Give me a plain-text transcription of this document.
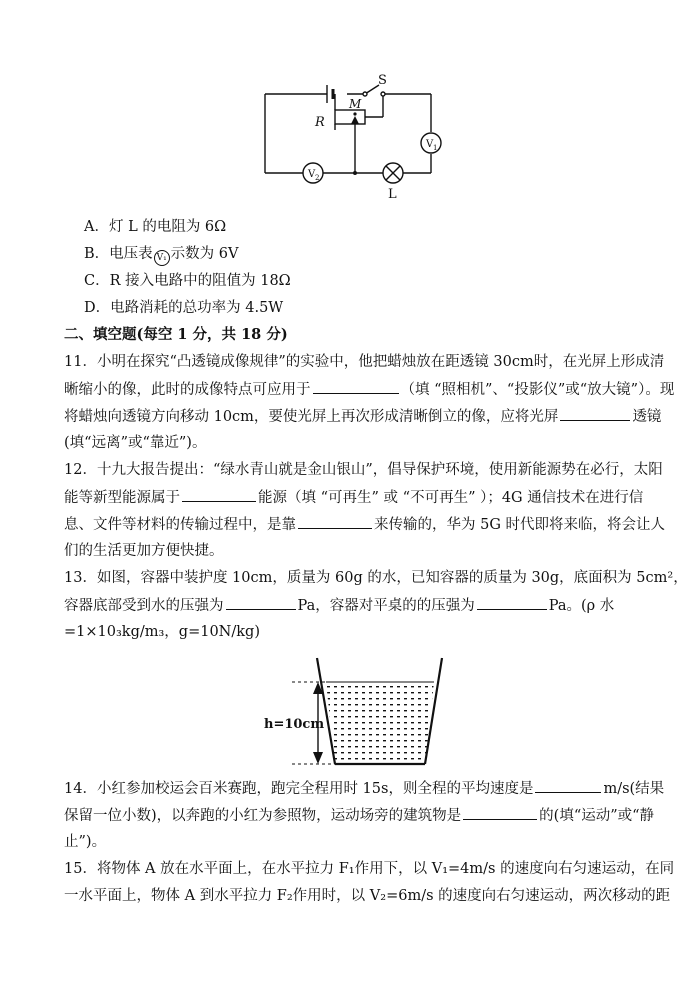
S
M
R
V 1
V 2
L
A．灯 L 的电阻为 6Ω
B．电压表 V₁ 示数为 6V
C．R 接入电路中的阻值为 18Ω
D．电路消耗的总功率为 4.5W
二、填空题(每空 1 分，共 18 分)
11．小明在探究“凸透镜成像规律”的实验中，他把蜡烛放在距透镜 30cm时，在光屏上形成清
晰缩小的像，此时的成像特点可应用于	（填 “照相机”、“投影仪”或“放大镜”）。现
将蜡烛向透镜方向移动 10cm，要使光屏上再次形成清晰倒立的像，应将光屏	透镜
(填“远离”或“靠近”)。
12．十九大报告提出：“绿水青山就是金山银山”，倡导保护环境，使用新能源势在必行，太阳
能等新型能源属于	能源（填 “可再生” 或 “不可再生” ）；4G 通信技术在进行信
息、文件等材料的传输过程中，是靠	来传输的，华为 5G 时代即将来临，将会让人
们的生活更加方便快捷。
13．如图，容器中装护度 10cm，质量为 60g 的水，已知容器的质量为 30g，底面积为 5cm²，
容器底部受到水的压强为	Pa，容器对平桌的的压强为	Pa。(ρ 水
=1×10₃kg/m₃，g=10N/kg)
h=10cm
14．小红参加校运会百米赛跑，跑完全程用时 15s，则全程的平均速度是	m/s(结果
保留一位小数)，以奔跑的小红为参照物，运动场旁的建筑物是	的(填“运动”或“静
止”)。
15．将物体 A 放在水平面上，在水平拉力 F₁作用下，以 V₁=4m/s 的速度向右匀速运动，在同
一水平面上，物体 A 到水平拉力 F₂作用时，以 V₂=6m/s 的速度向右匀速运动，两次移动的距
